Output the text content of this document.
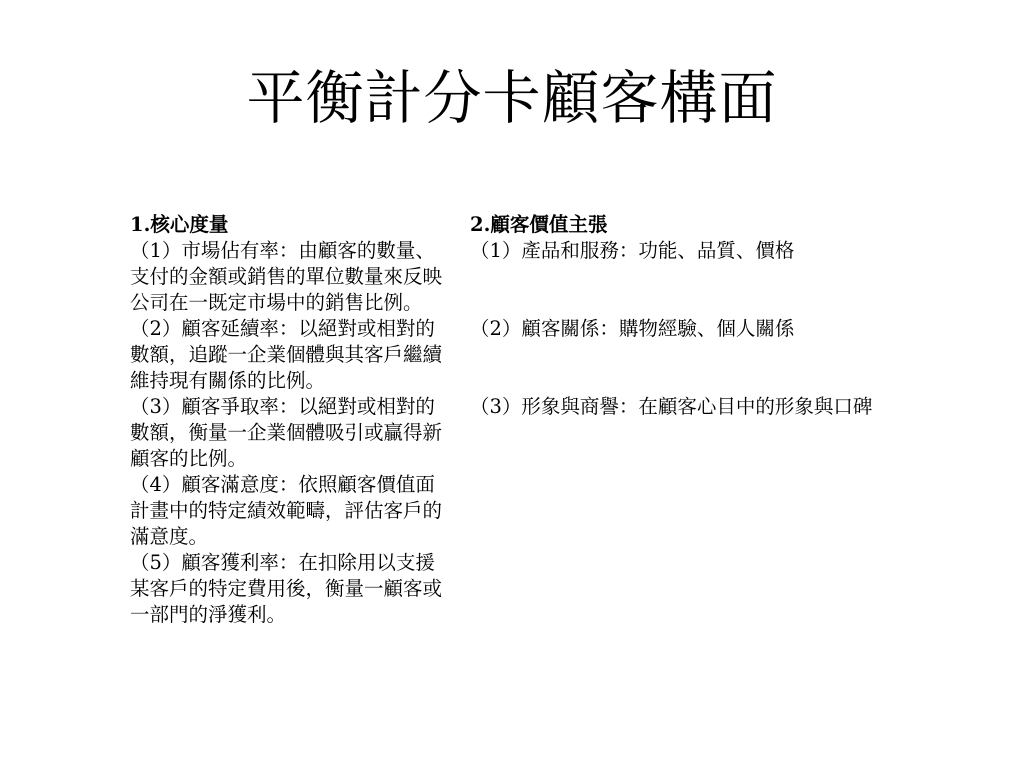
平衡計分卡顧客構面
1.核心度量

（1）市場佔有率：由顧客的數量、支付的金額或銷售的單位數量來反映公司在一既定市場中的銷售比例。

（2）顧客延續率：以絕對或相對的數額，追蹤一企業個體與其客戶繼續維持現有關係的比例。

（3）顧客爭取率：以絕對或相對的數額，衡量一企業個體吸引或贏得新顧客的比例。

（4）顧客滿意度：依照顧客價值面計畫中的特定績效範疇，評估客戶的滿意度。

（5）顧客獲利率：在扣除用以支援某客戶的特定費用後，衡量一顧客或一部門的淨獲利。

2.顧客價值主張

（1）產品和服務：功能、品質、價格

（2）顧客關係：購物經驗、個人關係

（3）形象與商譽：在顧客心目中的形象與口碑
